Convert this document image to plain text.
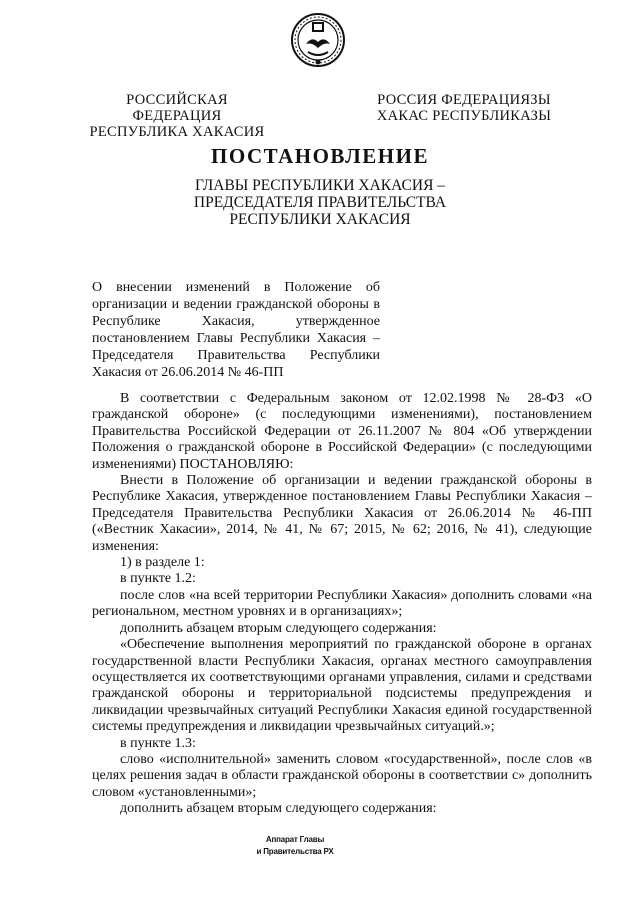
РОССИЙСКАЯ ФЕДЕРАЦИЯ
РЕСПУБЛИКА ХАКАСИЯ
РОССИЯ ФЕДЕРАЦИЯЗЫ
ХАКАС РЕСПУБЛИКАЗЫ
ПОСТАНОВЛЕНИЕ
ГЛАВЫ РЕСПУБЛИКИ ХАКАСИЯ –
ПРЕДСЕДАТЕЛЯ ПРАВИТЕЛЬСТВА
РЕСПУБЛИКИ ХАКАСИЯ
О внесении изменений в Положение об организации и ведении гражданской обороны в Республике Хакасия, утвержденное постановлением Главы Республики Хакасия – Председателя Правительства Республики Хакасия от 26.06.2014 № 46-ПП

В соответствии с Федеральным законом от 12.02.1998 № 28-ФЗ «О гражданской обороне» (с последующими изменениями), постановлением Правительства Российской Федерации от 26.11.2007 № 804 «Об утверждении Положения о гражданской обороне в Российской Федерации» (с последующими изменениями) ПОСТАНОВЛЯЮ:

Внести в Положение об организации и ведении гражданской обороны в Республике Хакасия, утвержденное постановлением Главы Республики Хакасия – Председателя Правительства Республики Хакасия от 26.06.2014 № 46-ПП («Вестник Хакасии», 2014, № 41, № 67; 2015, № 62; 2016, № 41), следующие изменения:

1) в разделе 1:

в пункте 1.2:

после слов «на всей территории Республики Хакасия» дополнить словами «на региональном, местном уровнях и в организациях»;

дополнить абзацем вторым следующего содержания:

«Обеспечение выполнения мероприятий по гражданской обороне в органах государственной власти Республики Хакасия, органах местного самоуправления осуществляется их соответствующими органами управления, силами и средствами гражданской обороны и территориальной подсистемы предупреждения и ликвидации чрезвычайных ситуаций Республики Хакасия единой государственной системы предупреждения и ликвидации чрезвычайных ситуаций.»;

в пункте 1.3:

слово «исполнительной» заменить словом «государственной», после слов «в целях решения задач в области гражданской обороны в соответствии с» дополнить словом «установленными»;

дополнить абзацем вторым следующего содержания:

Аппарат Главы
и Правительства РХ
